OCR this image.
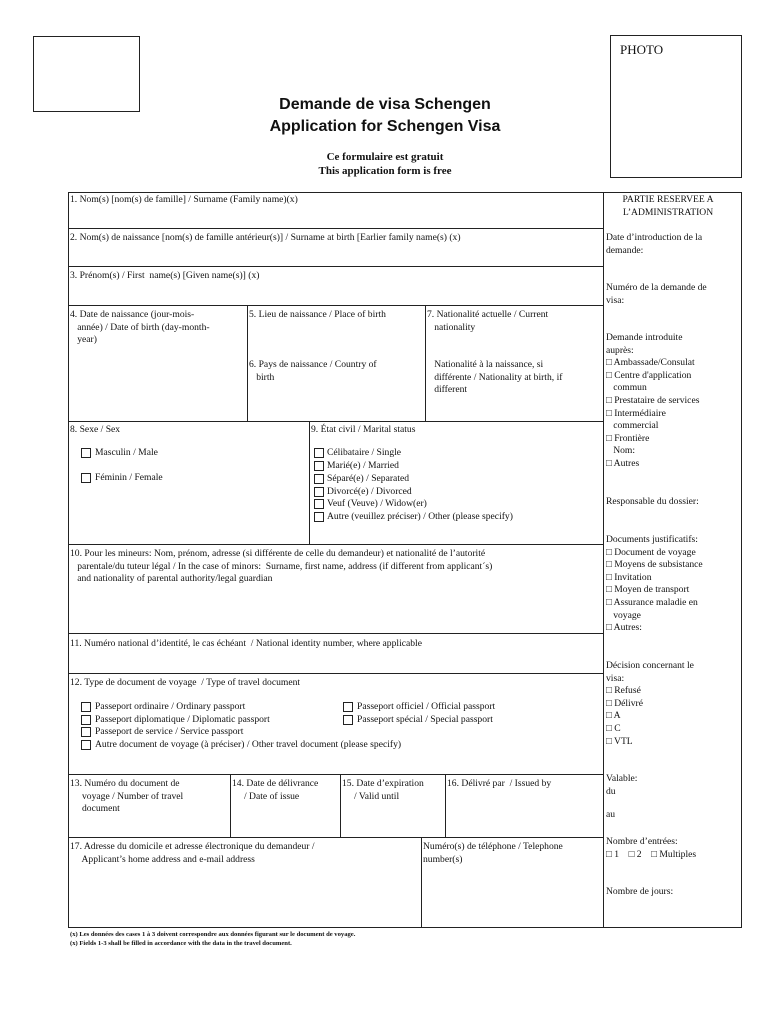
PHOTO
Demande de visa Schengen
Application for Schengen Visa
Ce formulaire est gratuit
This application form is free
1. Nom(s) [nom(s) de famille] / Surname (Family name)(x)
2. Nom(s) de naissance [nom(s) de famille antérieur(s)] / Surname at birth [Earlier family name(s) (x)
3. Prénom(s) / First  name(s) [Given name(s)] (x)
4. Date de naissance (jour-mois-
année) / Date of birth (day-month-
year)
5. Lieu de naissance / Place of birth
6. Pays de naissance / Country of
birth
7. Nationalité actuelle / Current
nationality
Nationalité à la naissance, si
différente / Nationality at birth, if
different
8. Sexe / Sex
Masculin / Male
Féminin / Female
9. État civil / Marital status
Célibataire / Single
Marié(e) / Married
Séparé(e) / Separated
Divorcé(e) / Divorced
Veuf (Veuve) / Widow(er)
Autre (veuillez préciser) / Other (please specify)
10. Pour les mineurs: Nom, prénom, adresse (si différente de celle du demandeur) et nationalité de l’autorité
parentale/du tuteur légal / In the case of minors:  Surname, first name, address (if different from applicant´s)
and nationality of parental authority/legal guardian
11. Numéro national d’identité, le cas échéant  / National identity number, where applicable
12. Type de document de voyage  / Type of travel document
Passeport ordinaire / Ordinary passport
Passeport diplomatique / Diplomatic passport
Passeport de service / Service passport
Autre document de voyage (à préciser) / Other travel document (please specify)
Passeport officiel / Official passport
Passeport spécial / Special passport
13. Numéro du document de
voyage / Number of travel
document
14. Date de délivrance
/ Date of issue
15. Date d’expiration
/ Valid until
16. Délivré par  / Issued by
17. Adresse du domicile et adresse électronique du demandeur /
Applicant’s home address and e-mail address
Numéro(s) de téléphone / Telephone
number(s)
PARTIE RESERVEE A
L’ADMINISTRATION
Date d’introduction de la
demande:
Numéro de la demande de
visa:
Demande introduite
auprès:
□ Ambassade/Consulat
□ Centre d'application
commun
□ Prestataire de services
□ Intermédiaire
commercial
□ Frontière
Nom:
□ Autres
Responsable du dossier:
Documents justificatifs:
□ Document de voyage
□ Moyens de subsistance
□ Invitation
□ Moyen de transport
□ Assurance maladie en
voyage
□ Autres:
Décision concernant le
visa:
□ Refusé
□ Délivré
□ A
□ C
□ VTL
Valable:
du
au
Nombre d’entrées:
□ 1    □ 2    □ Multiples
Nombre de jours:
(x) Les données des cases 1 à 3 doivent correspondre aux données figurant sur le document de voyage.
(x) Fields 1-3 shall be filled in accordance with the data in the travel document.
